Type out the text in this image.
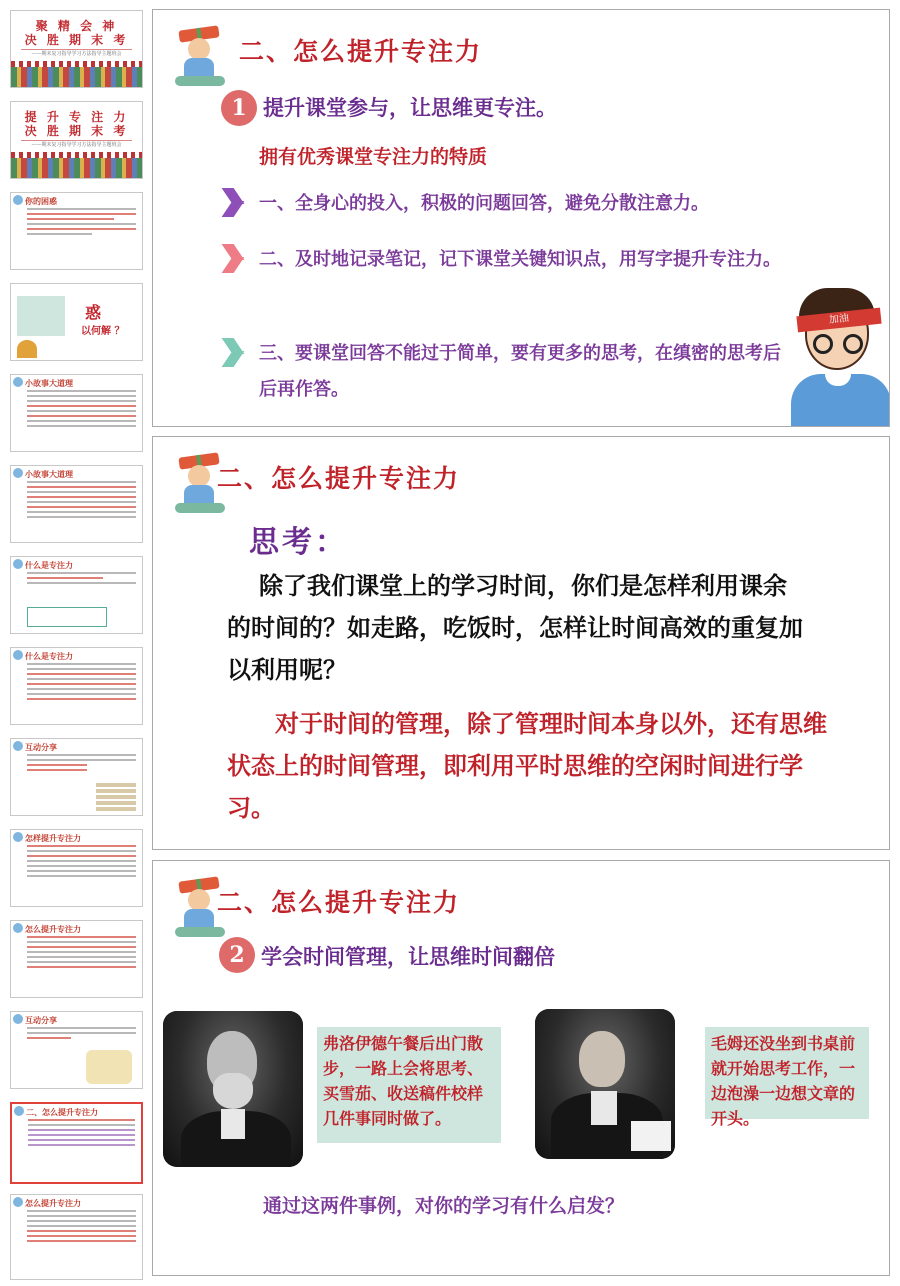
聚 精 会 神
决 胜 期 末 考
——期末复习指导学习方法指导主题班会
提 升 专 注 力
决 胜 期 末 考
——期末复习指导学习方法指导主题班会
你的困惑
惑
以何解 ？
小故事大道理
小故事大道理
什么是专注力
什么是专注力
互动分享
怎样提升专注力
怎么提升专注力
互动分享
二、怎么提升专注力
怎么提升专注力
二、怎么提升专注力
1 提升课堂参与，让思维更专注。
拥有优秀课堂专注力的特质
一、全身心的投入，积极的问题回答，避免分散注意力。
二、及时地记录笔记，记下课堂关键知识点，用写字提升专注力。
三、要课堂回答不能过于简单，要有更多的思考，在缜密的思考后后再作答。
加油
二、怎么提升专注力
思考：
除了我们课堂上的学习时间，你们是怎样利用课余的时间的？如走路，吃饭时，怎样让时间高效的重复加以利用呢？
对于时间的管理，除了管理时间本身以外，还有思维状态上的时间管理，即利用平时思维的空闲时间进行学习。
二、怎么提升专注力
2 学会时间管理，让思维时间翻倍
弗洛伊德午餐后出门散步，一路上会将思考、买雪茄、收送稿件校样几件事同时做了。
毛姆还没坐到书桌前就开始思考工作，一边泡澡一边想文章的开头。
通过这两件事例，对你的学习有什么启发？
